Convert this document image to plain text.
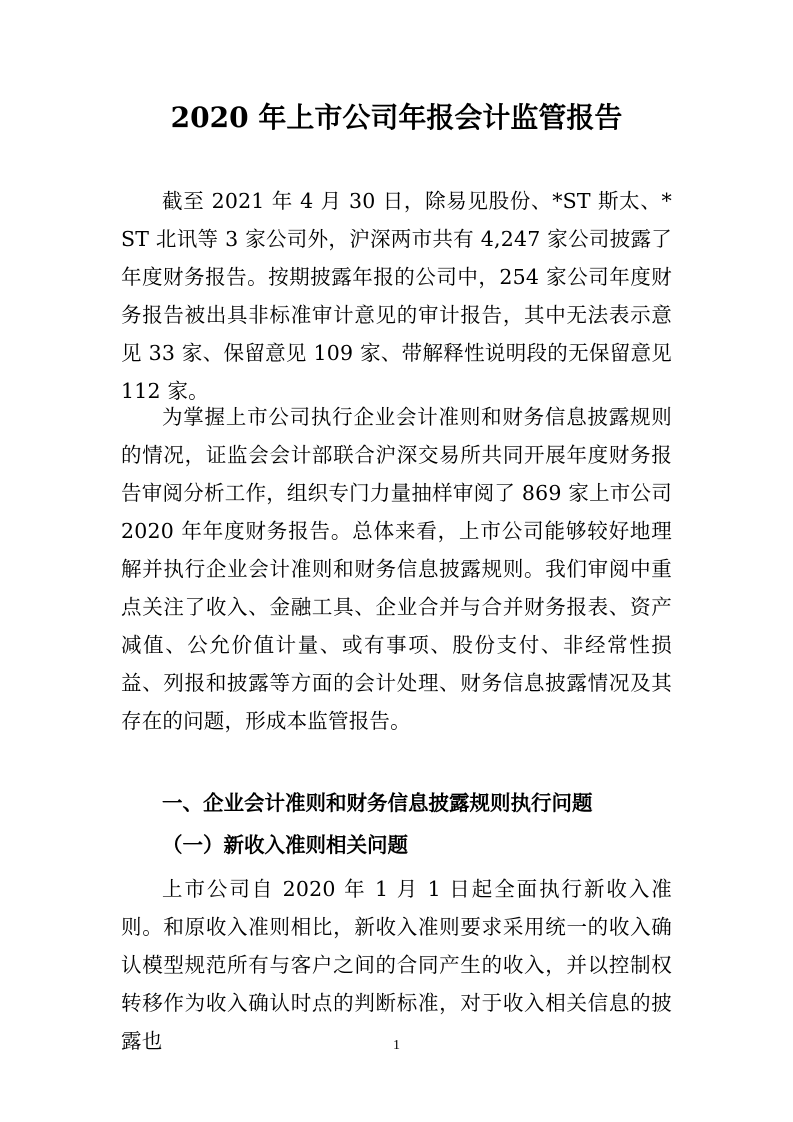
2020 年上市公司年报会计监管报告

截至 2021 年 4 月 30 日，除易见股份、*ST 斯太、*ST 北讯等 3 家公司外，沪深两市共有 4,247 家公司披露了年度财务报告。按期披露年报的公司中，254 家公司年度财务报告被出具非标准审计意见的审计报告，其中无法表示意见 33 家、保留意见 109 家、带解释性说明段的无保留意见 112 家。

为掌握上市公司执行企业会计准则和财务信息披露规则的情况，证监会会计部联合沪深交易所共同开展年度财务报告审阅分析工作，组织专门力量抽样审阅了 869 家上市公司 2020 年年度财务报告。总体来看，上市公司能够较好地理解并执行企业会计准则和财务信息披露规则。我们审阅中重点关注了收入、金融工具、企业合并与合并财务报表、资产减值、公允价值计量、或有事项、股份支付、非经常性损益、列报和披露等方面的会计处理、财务信息披露情况及其存在的问题，形成本监管报告。

一、企业会计准则和财务信息披露规则执行问题
（一）新收入准则相关问题

上市公司自 2020 年 1 月 1 日起全面执行新收入准则。和原收入准则相比，新收入准则要求采用统一的收入确认模型规范所有与客户之间的合同产生的收入，并以控制权转移作为收入确认时点的判断标准，对于收入相关信息的披露也	1
